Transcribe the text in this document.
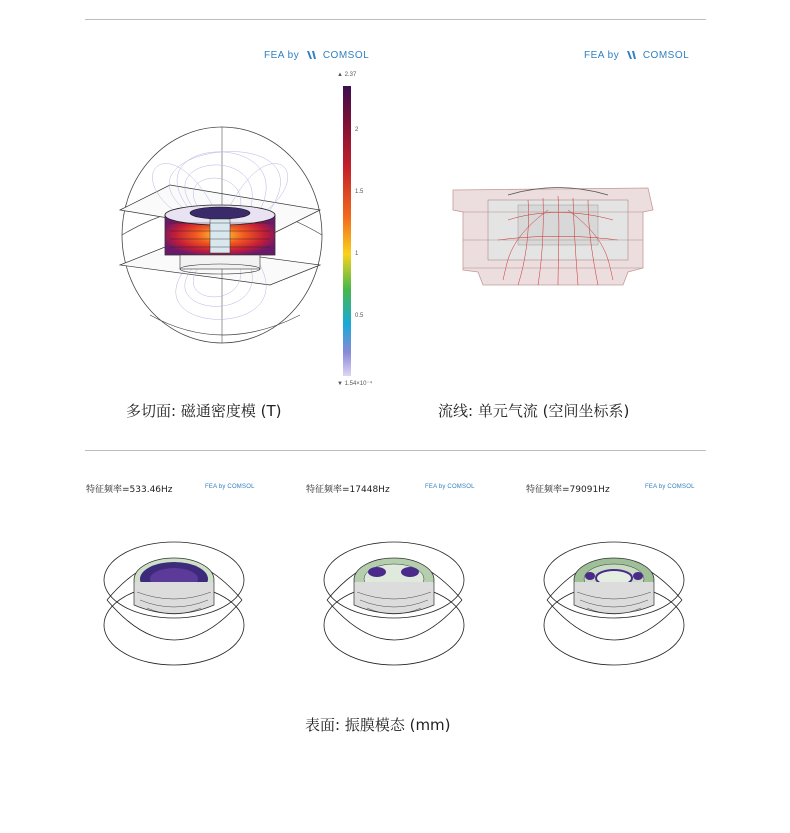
FEA by COMSOL	FEA by COMSOL
▲ 2.37
2
1.5
1
0.5
▼ 1.54×10⁻⁴
多切面: 磁通密度模 (T)	流线: 单元气流 (空间坐标系)
特征频率=533.46Hz	FEA by COMSOL	特征频率=17448Hz	FEA by COMSOL	特征频率=79091Hz	FEA by COMSOL
表面: 振膜模态 (mm)
